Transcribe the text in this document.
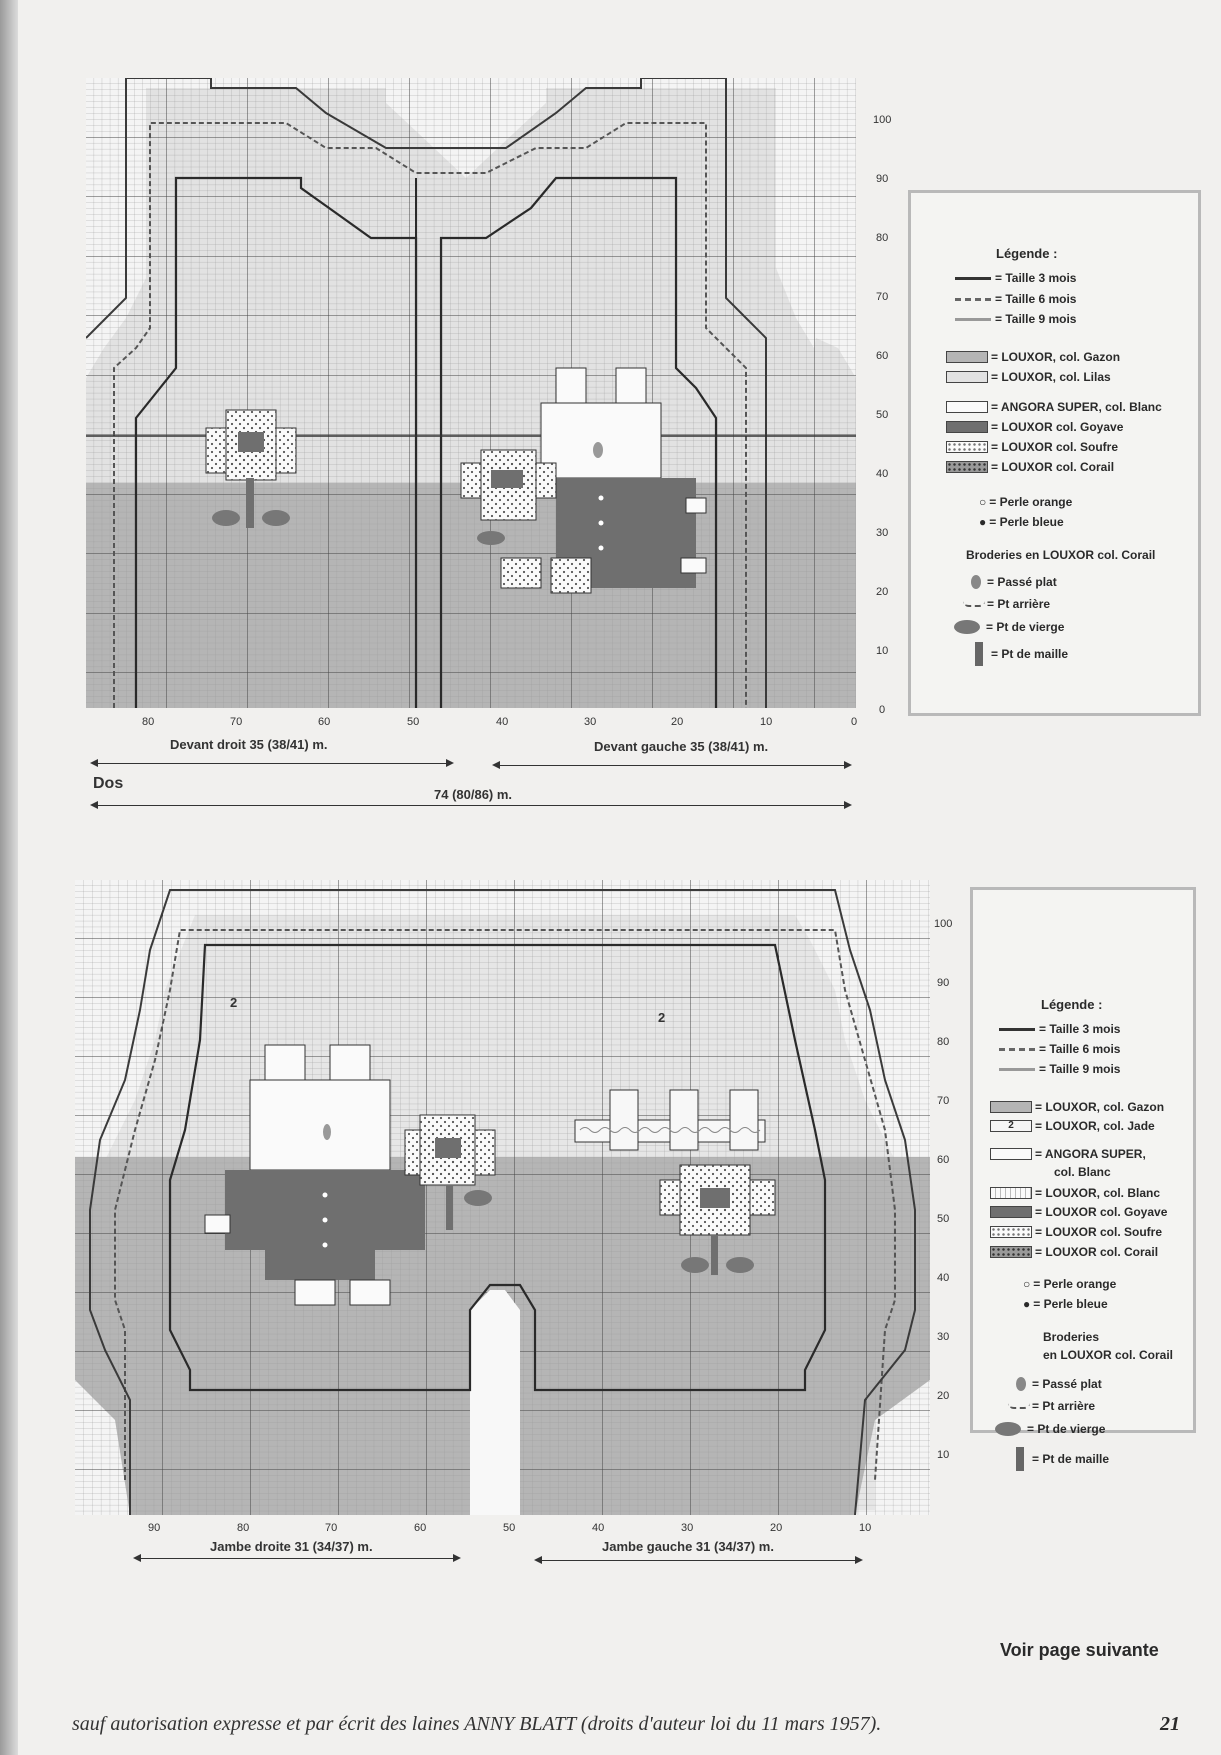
100
90
80
70
60
50
40
30
20
10
0
80	70	60	50	40	30	20	10	0
Devant droit 35 (38/41) m.	Devant gauche 35 (38/41) m.
Dos
74 (80/86) m.
Légende :
= Taille 3 mois
= Taille 6 mois
= Taille 9 mois
= LOUXOR, col. Gazon
= LOUXOR, col. Lilas
= ANGORA SUPER, col. Blanc
= LOUXOR col. Goyave
= LOUXOR col. Soufre
= LOUXOR col. Corail
○ = Perle orange
● = Perle bleue
Broderies en LOUXOR col. Corail
= Passé plat
= Pt arrière
= Pt de vierge
= Pt de maille
2
2
100
90
80
70
60
50
40
30
20
10
90	80	70	60	50	40	30	20	10
Jambe droite 31 (34/37) m.	Jambe gauche 31 (34/37) m.
Légende :
= Taille 3 mois
= Taille 6 mois
= Taille 9 mois
= LOUXOR, col. Gazon
2	= LOUXOR, col. Jade
= ANGORA SUPER,
col. Blanc
= LOUXOR, col. Blanc
= LOUXOR col. Goyave
= LOUXOR col. Soufre
= LOUXOR col. Corail
○ = Perle orange
● = Perle bleue
Broderies
en LOUXOR col. Corail
= Passé plat
= Pt arrière
= Pt de vierge
= Pt de maille
Voir page suivante
sauf autorisation expresse et par écrit des laines ANNY BLATT (droits d'auteur loi du 11 mars 1957).	21
